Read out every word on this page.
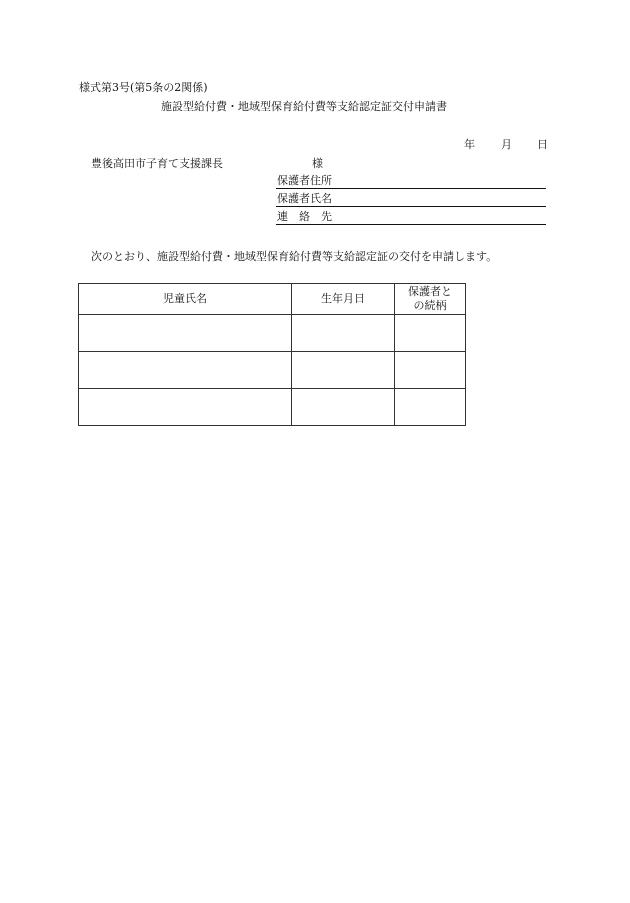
様式第3号(第5条の2関係)
施設型給付費・地域型保育給付費等支給認定証交付申請書
年 月 日
豊後高田市子育て支援課長	様
保護者住所
保護者氏名
連絡先
次のとおり、施設型給付費・地域型保育給付費等支給認定証の交付を申請します。
児童氏名	生年月日	保護者と
の続柄
